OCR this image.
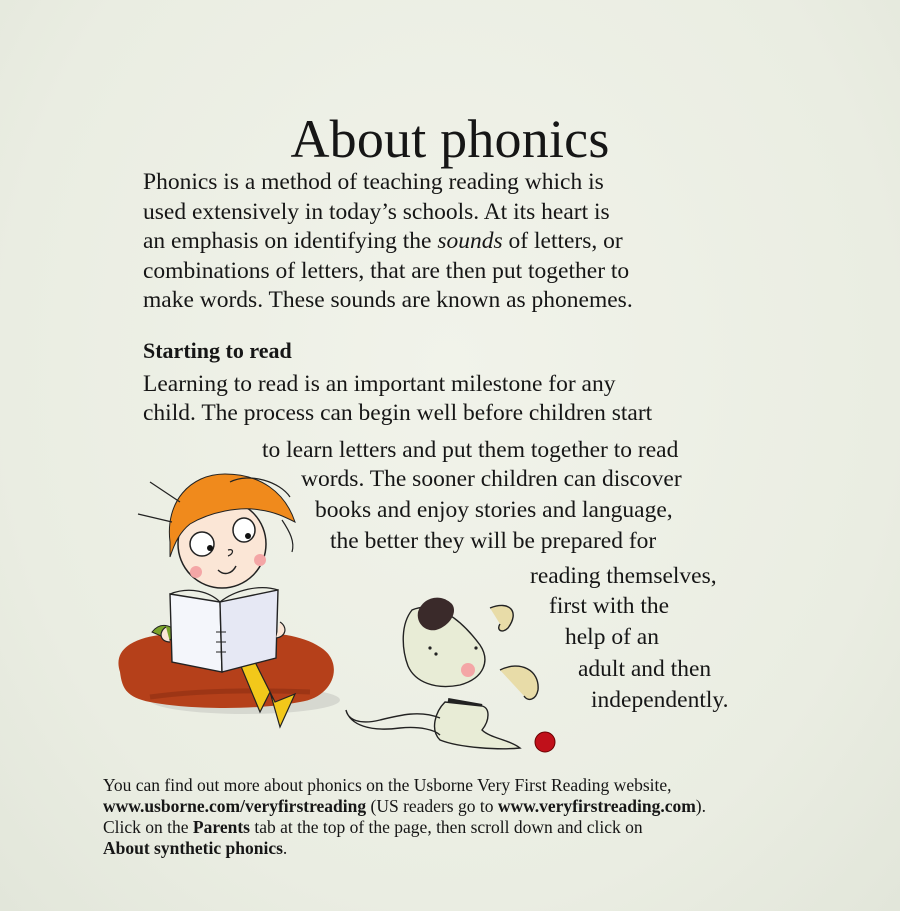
About phonics
Phonics is a method of teaching reading which is
used extensively in today’s schools. At its heart is
an emphasis on identifying the sounds of letters, or
combinations of letters, that are then put together to
make words. These sounds are known as phonemes.
Starting to read
Learning to read is an important milestone for any
child. The process can begin well before children start
to learn letters and put them together to read
words. The sooner children can discover
books and enjoy stories and language,
the better they will be prepared for
reading themselves,
first with the
help of an
adult and then
independently.
You can find out more about phonics on the Usborne Very First Reading website,
www.usborne.com/veryfirstreading (US readers go to www.veryfirstreading.com).
Click on the Parents tab at the top of the page, then scroll down and click on
About synthetic phonics.
